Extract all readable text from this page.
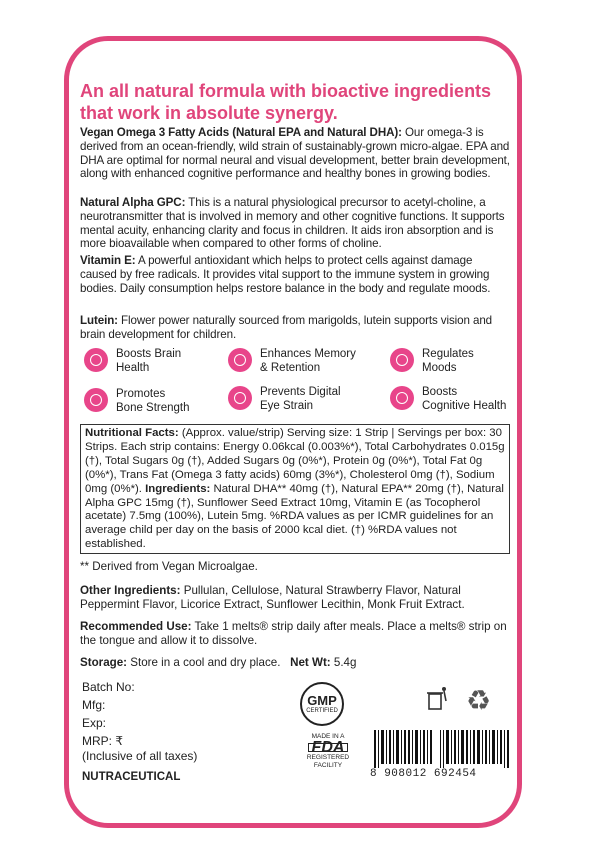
An all natural formula with bioactive ingredients that work in absolute synergy.
Vegan Omega 3 Fatty Acids (Natural EPA and Natural DHA): Our omega-3 is derived from an ocean-friendly, wild strain of sustainably-grown micro-algae. EPA and DHA are optimal for normal neural and visual development, better brain development, along with enhanced cognitive performance and healthy bones in growing bodies.
Natural Alpha GPC: This is a natural physiological precursor to acetyl-choline, a neurotransmitter that is involved in memory and other cognitive functions. It supports mental acuity, enhancing clarity and focus in children. It aids iron absorption and is more bioavailable when compared to other forms of choline.
Vitamin E: A powerful antioxidant which helps to protect cells against damage caused by free radicals. It provides vital support to the immune system in growing bodies. Daily consumption helps restore balance in the body and regulate moods.
Lutein: Flower power naturally sourced from marigolds, lutein supports vision and brain development for children.
Boosts Brain
Health
Enhances Memory
& Retention
Regulates
Moods
Promotes
Bone Strength
Prevents Digital
Eye Strain
Boosts
Cognitive Health
Nutritional Facts: (Approx. value/strip) Serving size: 1 Strip | Servings per box: 30 Strips. Each strip contains: Energy 0.06kcal (0.003%*), Total Carbohydrates 0.015g (†), Total Sugars 0g (†), Added Sugars 0g (0%*), Protein 0g (0%*), Total Fat 0g (0%*), Trans Fat (Omega 3 fatty acids) 60mg (3%*), Cholesterol 0mg (†), Sodium 0mg (0%*). Ingredients: Natural DHA** 40mg (†), Natural EPA** 20mg (†), Natural Alpha GPC 15mg (†), Sunflower Seed Extract 10mg, Vitamin E (as Tocopherol acetate) 7.5mg (100%), Lutein 5mg. %RDA values as per ICMR guidelines for an average child per day on the basis of 2000 kcal diet. (†) %RDA values not established.
** Derived from Vegan Microalgae.
Other Ingredients: Pullulan, Cellulose, Natural Strawberry Flavor, Natural Peppermint Flavor, Licorice Extract, Sunflower Lecithin, Monk Fruit Extract.
Recommended Use: Take 1 melts® strip daily after meals. Place a melts® strip on the tongue and allow it to dissolve.
Storage: Store in a cool and dry place. Net Wt: 5.4g
Batch No:
Mfg:
Exp:
MRP: ₹
(Inclusive of all taxes)
NUTRACEUTICAL
GMP
CERTIFIED
MADE IN A
FDA
REGISTERED
FACILITY
♻
8 908012 692454
